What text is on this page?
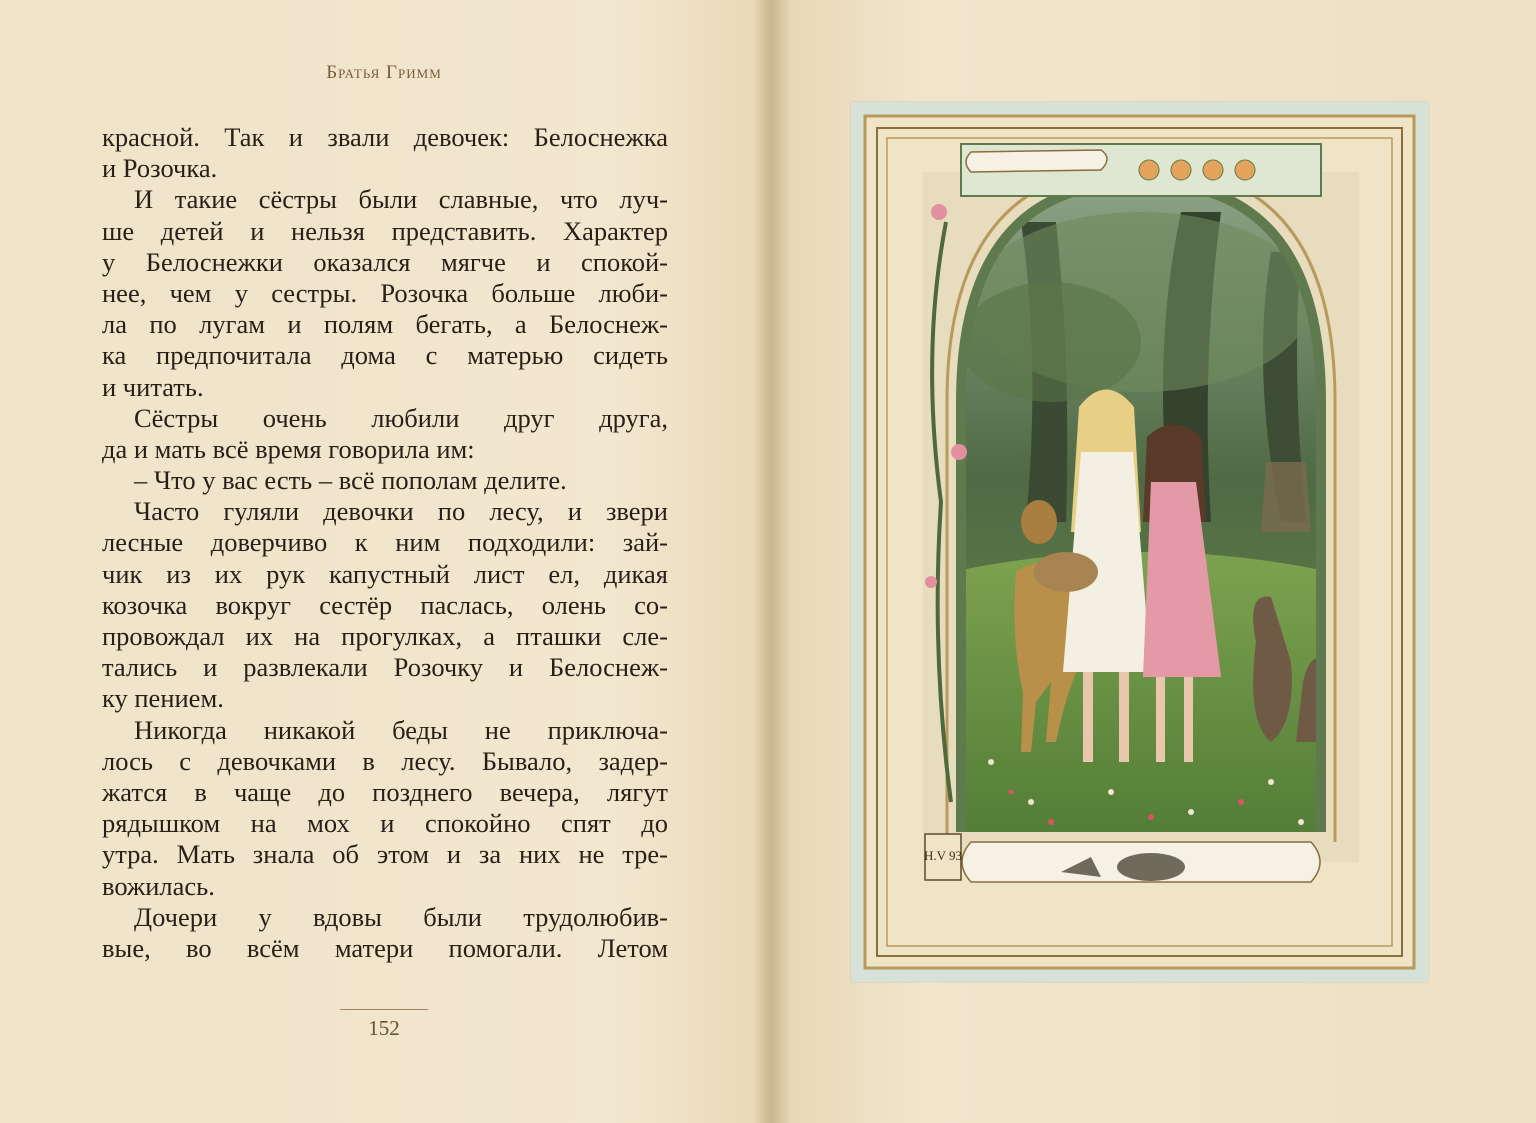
Братья Гримм
красной. Так и звали девочек: Белоснежка
и Розочка.
И такие сёстры были славные, что луч-
ше детей и нельзя представить. Характер
у Белоснежки оказался мягче и спокой-
нее, чем у сестры. Розочка больше люби-
ла по лугам и полям бегать, а Белоснеж-
ка предпочитала дома с матерью сидеть
и читать.
Сёстры очень любили друг друга,
да и мать всё время говорила им:
– Что у вас есть – всё пополам делите.
Часто гуляли девочки по лесу, и звери
лесные доверчиво к ним подходили: зай-
чик из их рук капустный лист ел, дикая
козочка вокруг сестёр паслась, олень со-
провождал их на прогулках, а пташки сле-
тались и развлекали Розочку и Белоснеж-
ку пением.
Никогда никакой беды не приключа-
лось с девочками в лесу. Бывало, задер-
жатся в чаще до позднего вечера, лягут
рядышком на мох и спокойно спят до
утра. Мать знала об этом и за них не тре-
вожилась.
Дочери у вдовы были трудолюбив-
вые, во всём матери помогали. Летом
152
H.V 93
